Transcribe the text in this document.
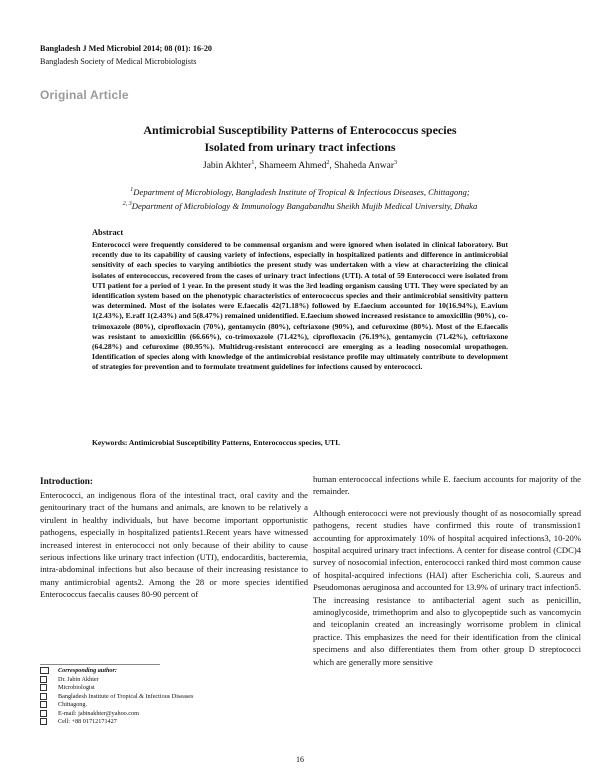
Bangladesh J Med Microbiol 2014; 08 (01): 16-20
Bangladesh Society of Medical Microbiologists
Original Article
Antimicrobial Susceptibility Patterns of Enterococcus species
Isolated from urinary tract infections
Jabin Akhter$^1$, Shameem Ahmed$^2$, Shaheda Anwar$^3$
$^1$Department of Microbiology, Bangladesh Institute of Tropical & Infectious Diseases, Chittagong;
$^{2, 3}$Department of Microbiology & Immunology Bangabandhu Sheikh Mujib Medical University, Dhaka
Abstract
Enterococci were frequently considered to be commensal organism and were ignored when isolated in clinical laboratory. But recently due to its capability of causing variety of infections, especially in hospitalized patients and difference in antimicrobial sensitivity of each species to varying antibiotics the present study was undertaken with a view at characterizing the clinical isolates of enterococcus, recovered from the cases of urinary tract infections (UTI). A total of 59 Enterococci were isolated from UTI patient for a period of 1 year. In the present study it was the 3rd leading organism causing UTI. They were speciated by an identification system based on the phenotypic characteristics of enterococcus species and their antimicrobial sensitivity pattern was determined. Most of the isolates were E.faecalis 42(71.18%) followed by E.faecium accounted for 10(16.94%), E.avium 1(2.43%), E.raff 1(2.43%) and 5(8.47%) remained unidentified. E.faecium showed increased resistance to amoxicillin (90%), co-trimoxazole (80%), ciprofloxacin (70%), gentamycin (80%), ceftriaxone (90%), and cefuroxime (80%). Most of the E.faecalis was resistant to amoxicillin (66.66%), co-trimoxazole (71.42%), ciprofloxacin (76.19%), gentamycin (71.42%), ceftriaxone (64.28%) and cefuroxime (80.95%). Multidrug-resistant enterococci are emerging as a leading nosocomial uropathogen. Identification of species along with knowledge of the antimicrobial resistance profile may ultimately contribute to development of strategies for prevention and to formulate treatment guidelines for infections caused by enterococci.
Keywords: Antimicrobial Susceptibility Patterns, Enterococcus species, UTI.
Introduction:
Enterococci, an indigenous flora of the intestinal tract, oral cavity and the genitourinary tract of the humans and animals, are known to be relatively a virulent in healthy individuals, but have become important opportunistic pathogens, especially in hospitalized patients1.Recent years have witnessed increased interest in enterococci not only because of their ability to cause serious infections like urinary tract infection (UTI), endocarditis, bacteremia, intra-abdominal infections but also because of their increasing resistance to many antimicrobial agents2. Among the 28 or more species identified Enterococcus faecalis causes 80-90 percent of

human enterococcal infections while E. faecium accounts for majority of the remainder.

Although enterococci were not previously thought of as nosocomially spread pathogens, recent studies have confirmed this route of transmission1 accounting for approximately 10% of hospital acquired infections3, 10-20% hospital acquired urinary tract infections. A center for disease control (CDC)4 survey of nosocomial infection, enterococci ranked third most common cause of hospital-acquired infections (HAI) after Escherichia coli, S.aureus and Pseudomonas aeruginosa and accounted for 13.9% of urinary tract infection5. The increasing resistance to antibacterial agent such as penicillin, aminoglycoside, trimethoprim and also to glycopeptide such as vancomycin and teicoplanin created an increasingly worrisome problem in clinical practice. This emphasizes the need for their identification from the clinical specimens and also differentiates them from other group D streptococci which are generally more sensitive

Corresponding author:
Dr. Jabin Akhter
Microbiologist
Bangladesh Institute of Tropical & Infectious Diseases
Chittagong.
E-mail: jabinakhter@yahoo.com
Cell: +88 01712171427
16
